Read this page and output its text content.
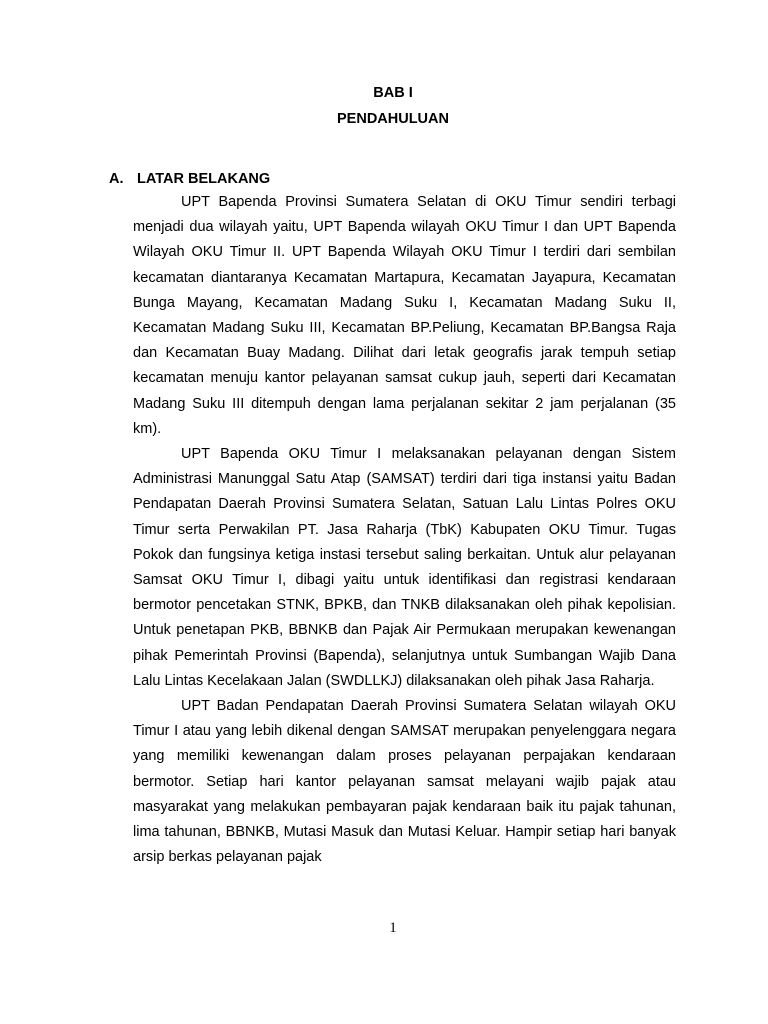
BAB I
PENDAHULUAN
A. LATAR BELAKANG

UPT Bapenda Provinsi Sumatera Selatan di OKU Timur sendiri terbagi menjadi dua wilayah yaitu, UPT Bapenda wilayah OKU Timur I dan UPT Bapenda Wilayah OKU Timur II. UPT Bapenda Wilayah OKU Timur I terdiri dari sembilan kecamatan diantaranya Kecamatan Martapura, Kecamatan Jayapura, Kecamatan Bunga Mayang, Kecamatan Madang Suku I, Kecamatan Madang Suku II, Kecamatan Madang Suku III, Kecamatan BP.Peliung, Kecamatan BP.Bangsa Raja dan Kecamatan Buay Madang. Dilihat dari letak geografis jarak tempuh setiap kecamatan menuju kantor pelayanan samsat cukup jauh, seperti dari Kecamatan Madang Suku III ditempuh dengan lama perjalanan sekitar 2 jam perjalanan (35 km).

UPT Bapenda OKU Timur I melaksanakan pelayanan dengan Sistem Administrasi Manunggal Satu Atap (SAMSAT) terdiri dari tiga instansi yaitu Badan Pendapatan Daerah Provinsi Sumatera Selatan, Satuan Lalu Lintas Polres OKU Timur serta Perwakilan PT. Jasa Raharja (TbK) Kabupaten OKU Timur. Tugas Pokok dan fungsinya ketiga instasi tersebut saling berkaitan. Untuk alur pelayanan Samsat OKU Timur I, dibagi yaitu untuk identifikasi dan registrasi kendaraan bermotor pencetakan STNK, BPKB, dan TNKB dilaksanakan oleh pihak kepolisian. Untuk penetapan PKB, BBNKB dan Pajak Air Permukaan merupakan kewenangan pihak Pemerintah Provinsi (Bapenda), selanjutnya untuk Sumbangan Wajib Dana Lalu Lintas Kecelakaan Jalan (SWDLLKJ) dilaksanakan oleh pihak Jasa Raharja.

UPT Badan Pendapatan Daerah Provinsi Sumatera Selatan wilayah OKU Timur I atau yang lebih dikenal dengan SAMSAT merupakan penyelenggara negara yang memiliki kewenangan dalam proses pelayanan perpajakan kendaraan bermotor. Setiap hari kantor pelayanan samsat melayani wajib pajak atau masyarakat yang melakukan pembayaran pajak kendaraan baik itu pajak tahunan, lima tahunan, BBNKB, Mutasi Masuk dan Mutasi Keluar. Hampir setiap hari banyak arsip berkas pelayanan pajak

1
